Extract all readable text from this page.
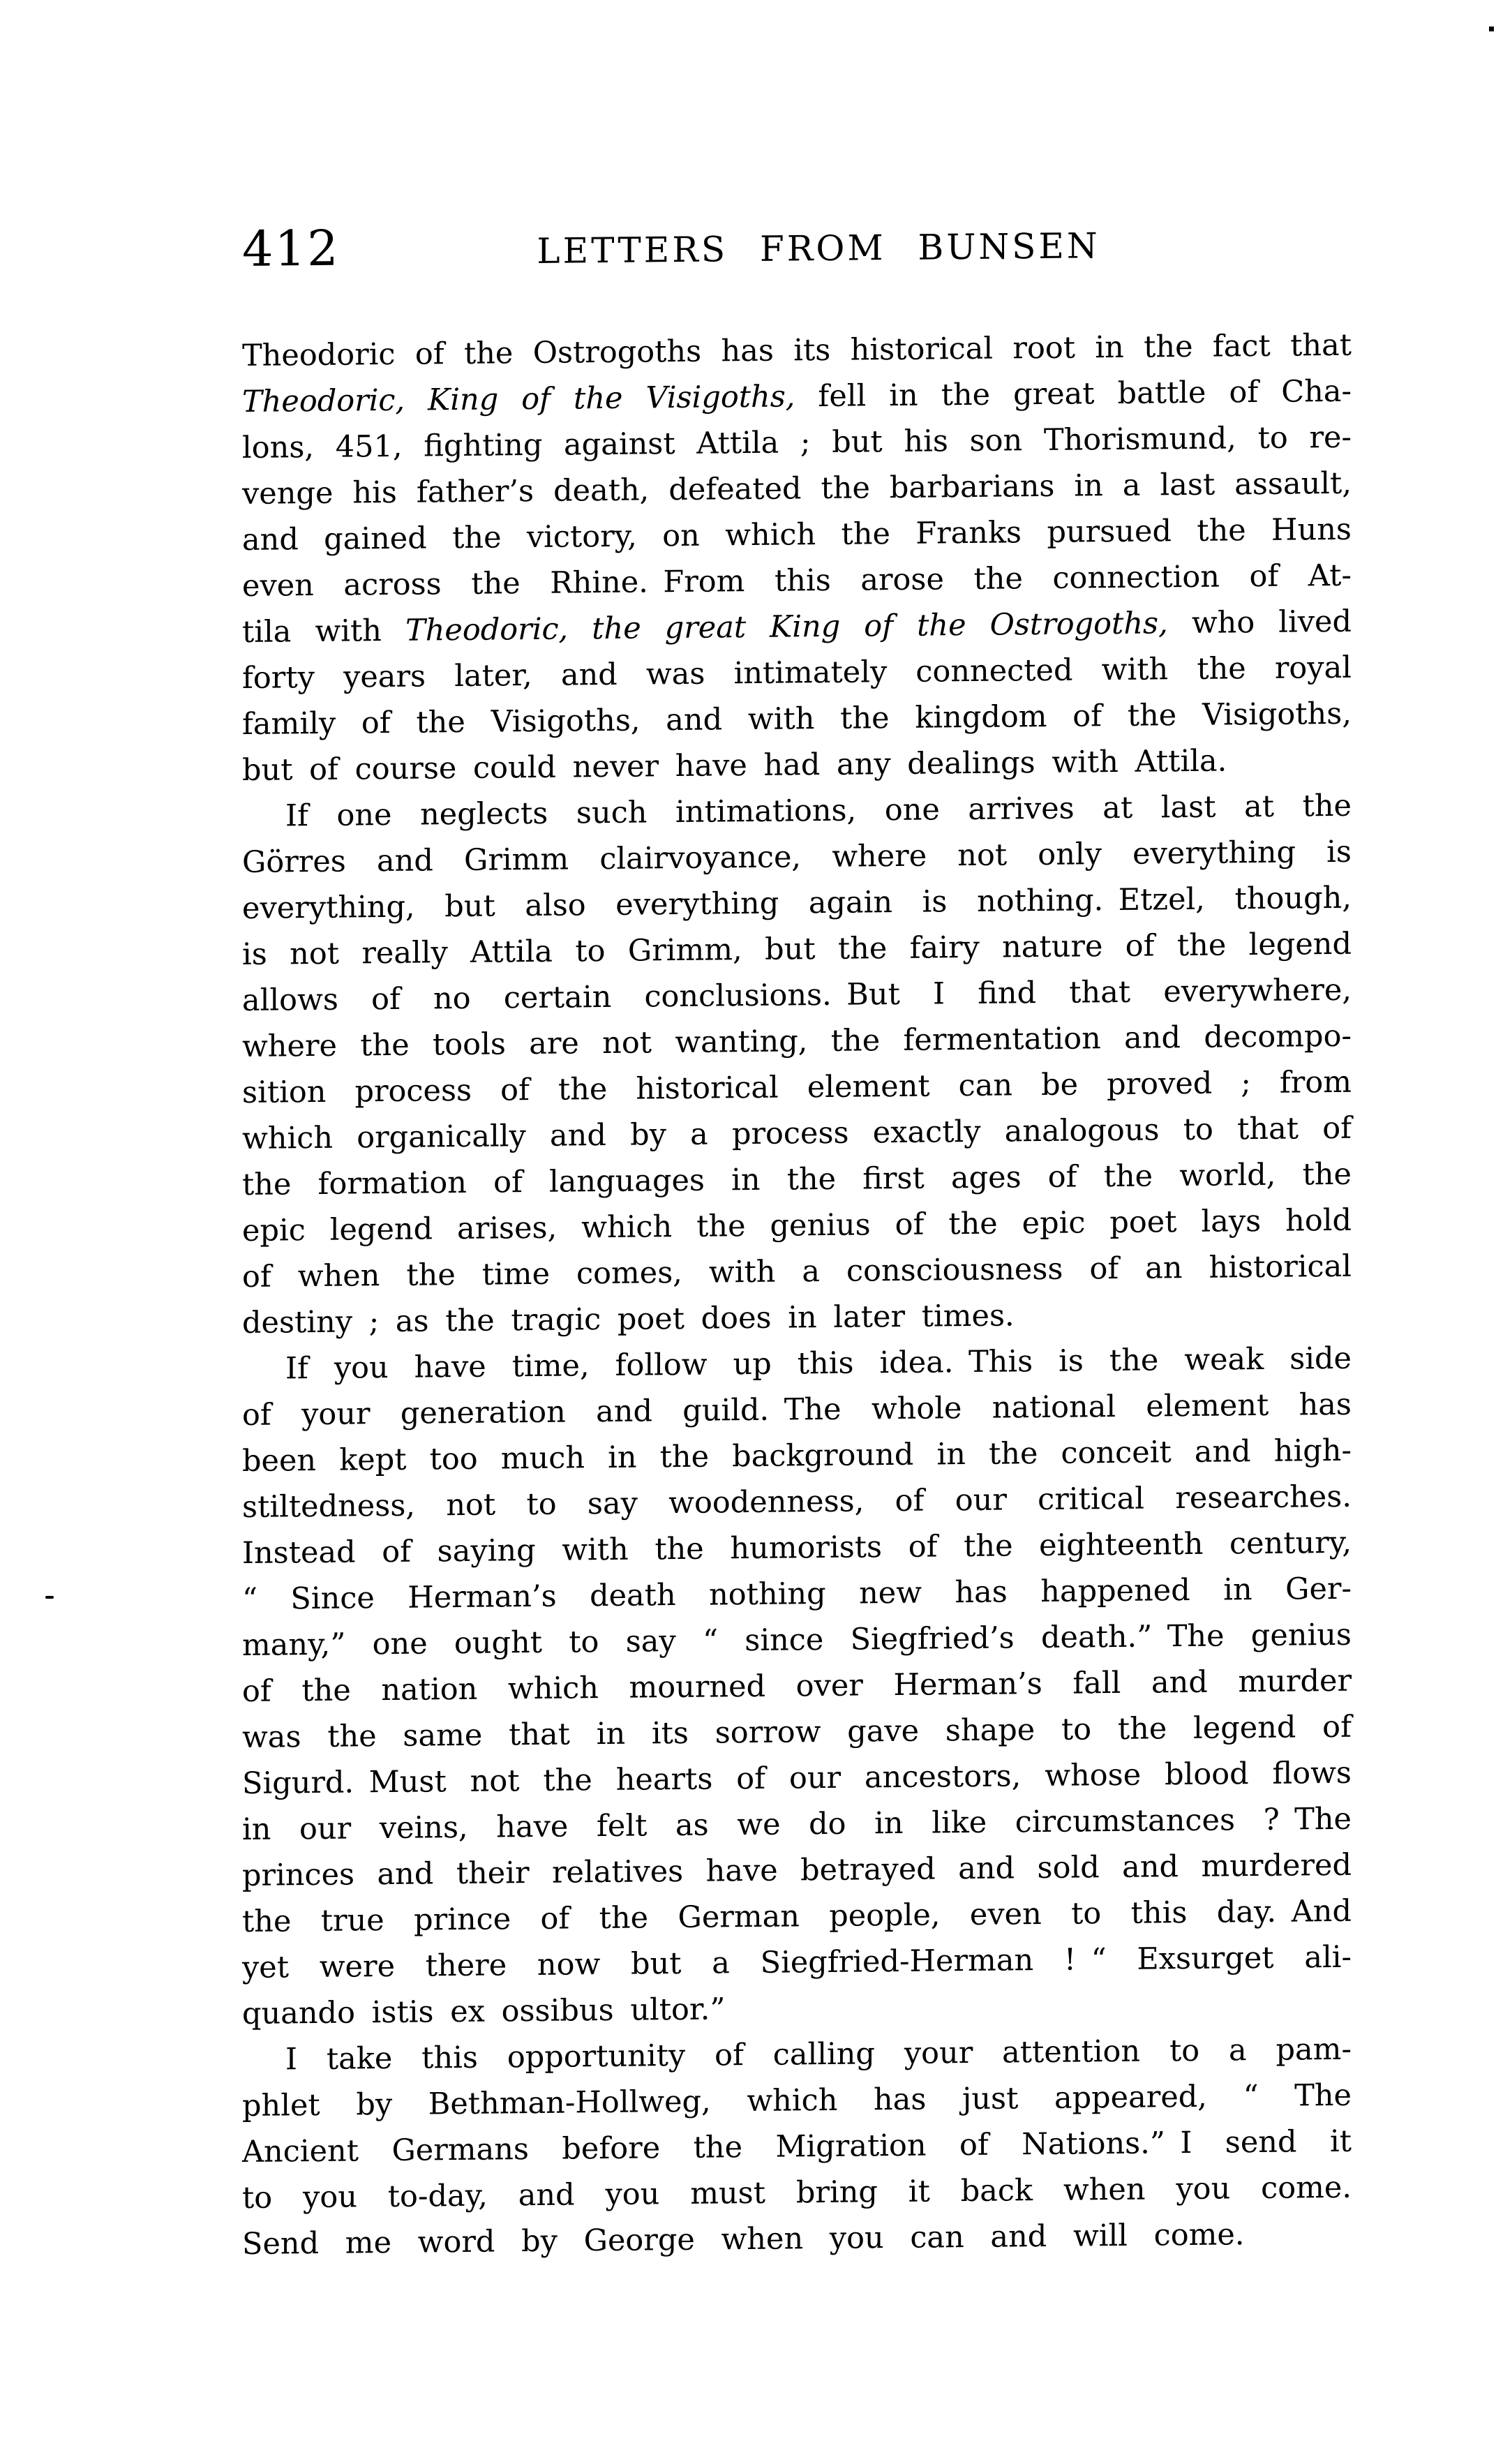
412	LETTERS FROM BUNSEN
Theodoric of the Ostrogoths has its historical root in the fact that
Theodoric, King of the Visigoths, fell in the great battle of Cha-
lons, 451, fighting against Attila ; but his son Thorismund, to re-
venge his father’s death, defeated the barbarians in a last assault,
and gained the victory, on which the Franks pursued the Huns
even across the Rhine. From this arose the connection of At-
tila with Theodoric, the great King of the Ostrogoths, who lived
forty years later, and was intimately connected with the royal
family of the Visigoths, and with the kingdom of the Visigoths,
but of course could never have had any dealings with Attila.
If one neglects such intimations, one arrives at last at the
Görres and Grimm clairvoyance, where not only everything is
everything, but also everything again is nothing. Etzel, though,
is not really Attila to Grimm, but the fairy nature of the legend
allows of no certain conclusions. But I find that everywhere,
where the tools are not wanting, the fermentation and decompo-
sition process of the historical element can be proved ; from
which organically and by a process exactly analogous to that of
the formation of languages in the first ages of the world, the
epic legend arises, which the genius of the epic poet lays hold
of when the time comes, with a consciousness of an historical
destiny ; as the tragic poet does in later times.
If you have time, follow up this idea. This is the weak side
of your generation and guild. The whole national element has
been kept too much in the background in the conceit and high-
stiltedness, not to say woodenness, of our critical researches.
Instead of saying with the humorists of the eighteenth century,
“ Since Herman’s death nothing new has happened in Ger-
many,” one ought to say “ since Siegfried’s death.” The genius
of the nation which mourned over Herman’s fall and murder
was the same that in its sorrow gave shape to the legend of
Sigurd. Must not the hearts of our ancestors, whose blood flows
in our veins, have felt as we do in like circumstances ? The
princes and their relatives have betrayed and sold and murdered
the true prince of the German people, even to this day. And
yet were there now but a Siegfried-Herman ! “ Exsurget ali-
quando istis ex ossibus ultor.”
I take this opportunity of calling your attention to a pam-
phlet by Bethman-Hollweg, which has just appeared, “ The
Ancient Germans before the Migration of Nations.” I send it
to you to-day, and you must bring it back when you come.
Send me word by George when you can and will come.
